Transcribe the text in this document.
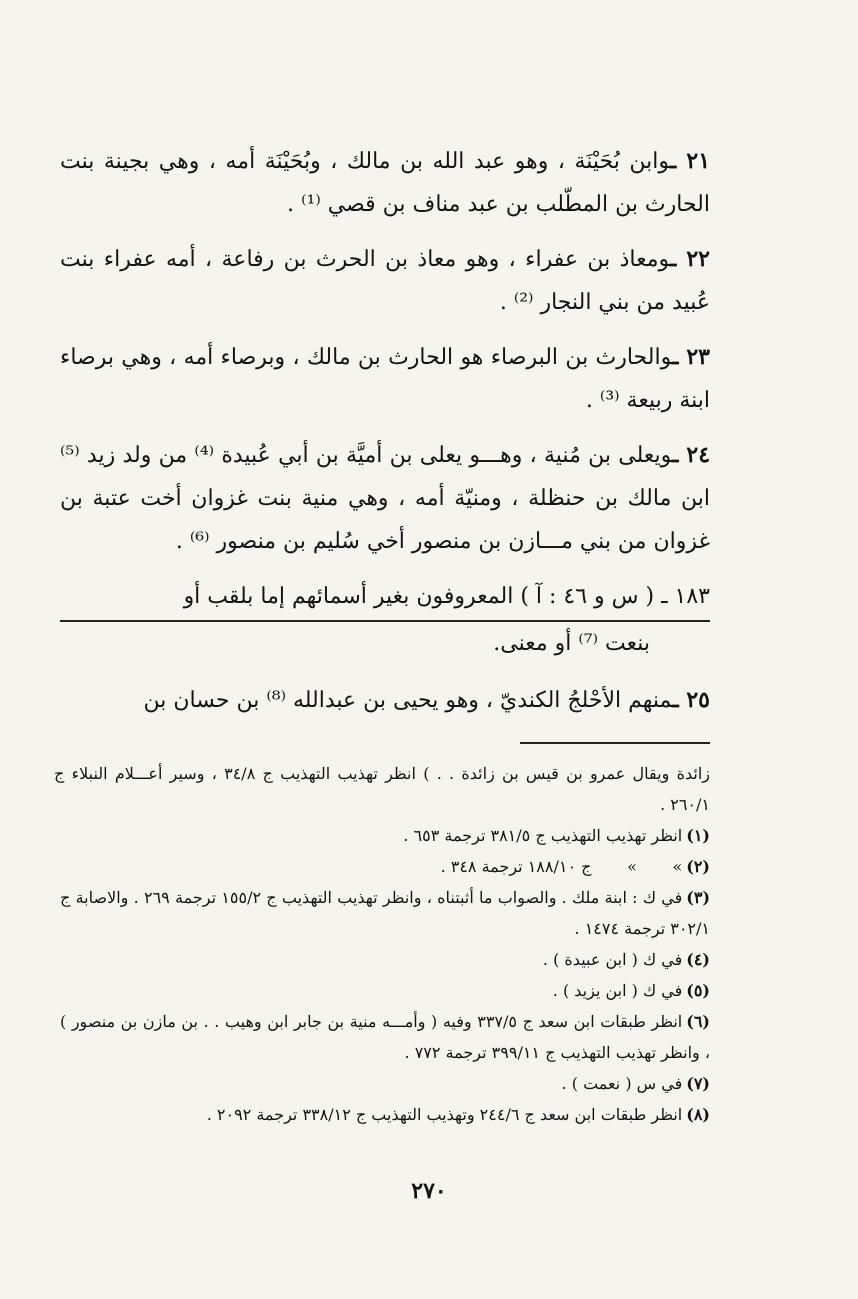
٢١ ـوابن بُحَيْنَة ، وهو عبد الله بن مالك ، وبُحَيْنَة أمه ، وهي بجينة بنت الحارث بن المطّلب بن عبد مناف بن قصي ⁽¹⁾ .

٢٢ ـومعاذ بن عفراء ، وهو معاذ بن الحرث بن رفاعة ، أمه عفراء بنت عُبيد من بني النجار ⁽²⁾ .

٢٣ ـوالحارث بن البرصاء هو الحارث بن مالك ، وبرصاء أمه ، وهي برصاء ابنة ربيعة ⁽³⁾ .

٢٤ ـويعلى بن مُنية ، وهـــو يعلى بن أميَّة بن أبي عُبيدة ⁽⁴⁾ من ولد زيد ⁽⁵⁾ ابن مالك بن حنظلة ، ومنيّة أمه ، وهي منية بنت غزوان أخت عتبة بن غزوان من بني مـــازن بن منصور أخي سُليم بن منصور ⁽⁶⁾ .

١٨٣ ـ ( س و ٤٦ : آ ) المعروفون بغير أسمائهم إما بلقب أو
بنعت ⁽⁷⁾ أو معنى.

٢٥ ـمنهم الأحْلجُ الكنديّ ، وهو يحيى بن عبدالله ⁽⁸⁾ بن حسان بن

زائدة ويقال عمرو بن قيس بن زائدة . . ) انظر تهذيب التهذيب ج ٣٤/٨ ، وسير أعـــلام النبلاء ج ٢٦٠/١ .
(١)انظر تهذيب التهذيب ج ٣٨١/٥ ترجمة ٦٥٣ .
(٢)»       »       ج ١٨٨/١٠ ترجمة ٣٤٨ .
(٣)في ك : ابنة ملك . والصواب ما أثبتناه ، وانظر تهذيب التهذيب ج ١٥٥/٢ ترجمة ٢٦٩ . والاصابة ج ٣٠٢/١ ترجمة ١٤٧٤ .
(٤)في ك ( ابن عبيدة ) .
(٥)في ك ( ابن يزيد ) .
(٦)انظر طبقات ابن سعد ج ٣٣٧/٥ وفيه ( وأمـــه منية بن جابر ابن وهيب . . بن مازن بن منصور ) ، وانظر تهذيب التهذيب ج ٣٩٩/١١ ترجمة ٧٧٢ .
(٧)في س ( نعمت ) .
(٨)انظر طبقات ابن سعد ج ٢٤٤/٦ وتهذيب التهذيب ج ٣٣٨/١٢ ترجمة ٢٠٩٢ .
٢٧٠
